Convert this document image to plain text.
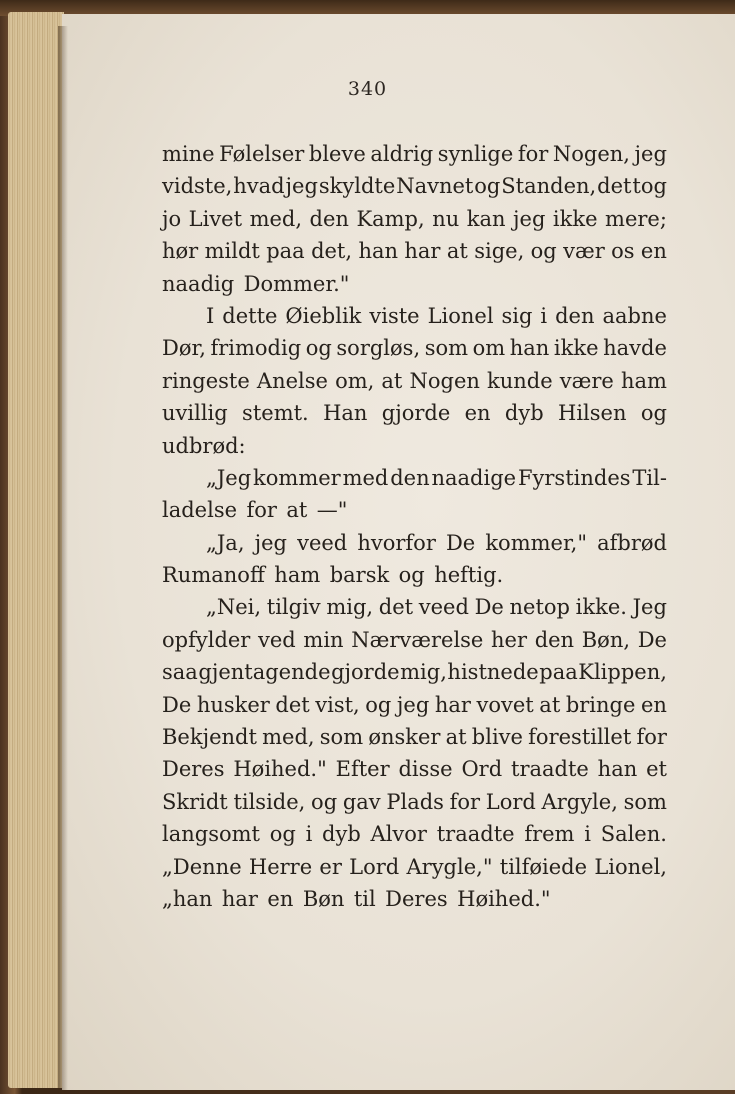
340
mine Følelser bleve aldrig synlige for Nogen, jeg
vidste, hvad jeg skyldte Navnet og Standen, det tog
jo Livet med, den Kamp, nu kan jeg ikke mere;
hør mildt paa det, han har at sige, og vær os en
naadig Dommer."
I dette Øieblik viste Lionel sig i den aabne
Dør, frimodig og sorgløs, som om han ikke havde
ringeste Anelse om, at Nogen kunde være ham
uvillig stemt. Han gjorde en dyb Hilsen og
udbrød:
„Jeg kommer med den naadige Fyrstindes Til-
ladelse for at —"
„Ja, jeg veed hvorfor De kommer," afbrød
Rumanoff ham barsk og heftig.
„Nei, tilgiv mig, det veed De netop ikke. Jeg
opfylder ved min Nærværelse her den Bøn, De
saa gjentagende gjorde mig, histnede paa Klippen,
De husker det vist, og jeg har vovet at bringe en
Bekjendt med, som ønsker at blive forestillet for
Deres Høihed." Efter disse Ord traadte han et
Skridt tilside, og gav Plads for Lord Argyle, som
langsomt og i dyb Alvor traadte frem i Salen.
„Denne Herre er Lord Arygle," tilføiede Lionel,
„han har en Bøn til Deres Høihed."
